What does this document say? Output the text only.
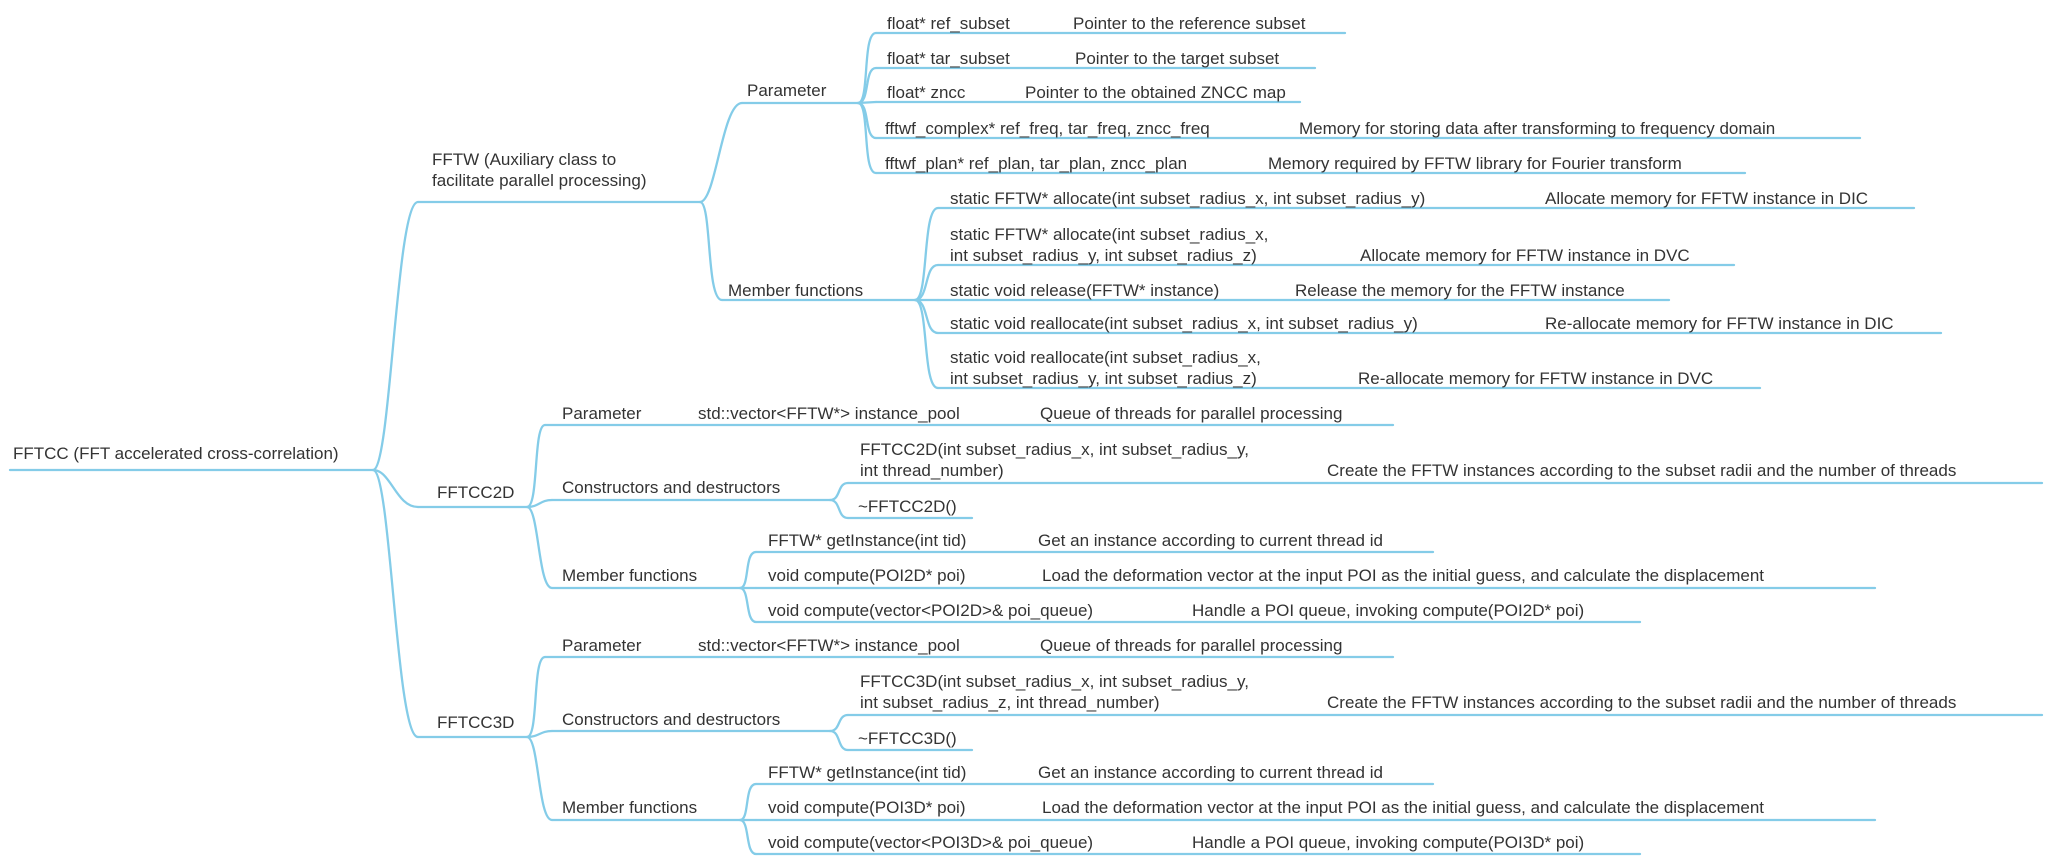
FFTCC (FFT accelerated cross-correlation)
FFTW (Auxiliary class to
facilitate parallel processing)
Parameter
float* ref_subset	Pointer to the reference subset
float* tar_subset	Pointer to the target subset
float* zncc	Pointer to the obtained ZNCC map
fftwf_complex* ref_freq, tar_freq, zncc_freq	Memory for storing data after transforming to frequency domain
fftwf_plan* ref_plan, tar_plan, zncc_plan	Memory required by FFTW library for Fourier transform
Member functions
static FFTW* allocate(int subset_radius_x, int subset_radius_y)	Allocate memory for FFTW instance in DIC
static FFTW* allocate(int subset_radius_x,
int subset_radius_y, int subset_radius_z)	Allocate memory for FFTW instance in DVC
static void release(FFTW* instance)	Release the memory for the FFTW instance
static void reallocate(int subset_radius_x, int subset_radius_y)	Re-allocate memory for FFTW instance in DIC
static void reallocate(int subset_radius_x,
int subset_radius_y, int subset_radius_z)	Re-allocate memory for FFTW instance in DVC
FFTCC2D
Parameter	std::vector<FFTW*> instance_pool	Queue of threads for parallel processing
Constructors and destructors
FFTCC2D(int subset_radius_x, int subset_radius_y,
int thread_number)	Create the FFTW instances according to the subset radii and the number of threads
~FFTCC2D()
Member functions
FFTW* getInstance(int tid)	Get an instance according to current thread id
void compute(POI2D* poi)	Load the deformation vector at the input POI as the initial guess, and calculate the displacement
void compute(vector<POI2D>& poi_queue)	Handle a POI queue, invoking compute(POI2D* poi)
FFTCC3D
Parameter	std::vector<FFTW*> instance_pool	Queue of threads for parallel processing
Constructors and destructors
FFTCC3D(int subset_radius_x, int subset_radius_y,
int subset_radius_z, int thread_number)	Create the FFTW instances according to the subset radii and the number of threads
~FFTCC3D()
Member functions
FFTW* getInstance(int tid)	Get an instance according to current thread id
void compute(POI3D* poi)	Load the deformation vector at the input POI as the initial guess, and calculate the displacement
void compute(vector<POI3D>& poi_queue)	Handle a POI queue, invoking compute(POI3D* poi)
